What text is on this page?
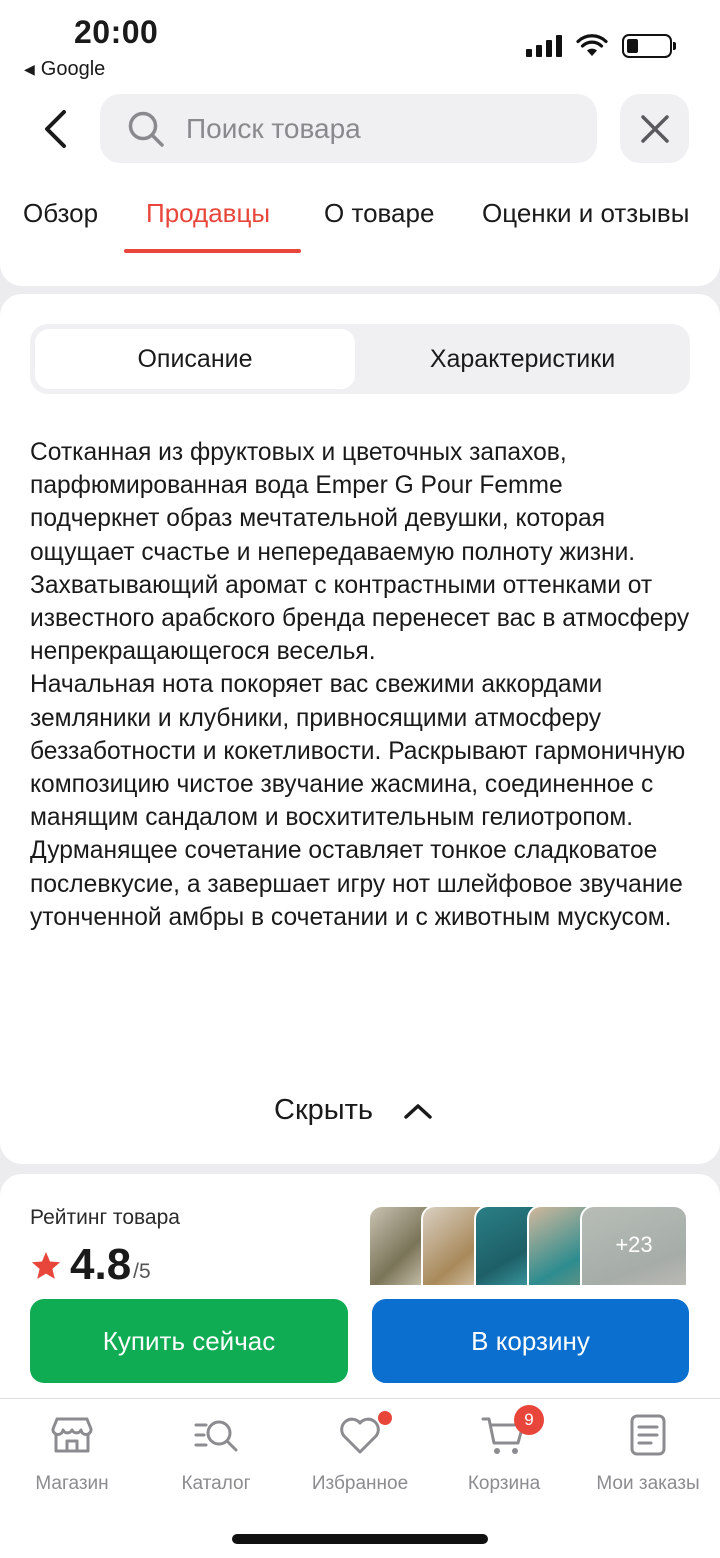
20:00
◀ Google
Поиск товара
Обзор Продавцы О товаре Оценки и отзывы
Описание	Характеристики

Сотканная из фруктовых и цветочных запахов, парфюмированная вода Emper G Pour Femme подчеркнет образ мечтательной девушки, которая ощущает счастье и непередаваемую полноту жизни. Захватывающий аромат с контрастными оттенками от известного арабского бренда перенесет вас в атмосферу непрекращающегося веселья.

Начальная нота покоряет вас свежими аккордами земляники и клубники, привносящими атмосферу беззаботности и кокетливости. Раскрывают гармоничную композицию чистое звучание жасмина, соединенное с манящим сандалом и восхитительным гелиотропом. Дурманящее сочетание оставляет тонкое сладковатое послевкусие, а завершает игру нот шлейфовое звучание утонченной амбры в сочетании и с животным мускусом.

Скрыть
Рейтинг товара
4.8 /5
+23
Купить сейчас	В корзину
Магазин	Каталог	Избранное
9
Корзина	Мои заказы
